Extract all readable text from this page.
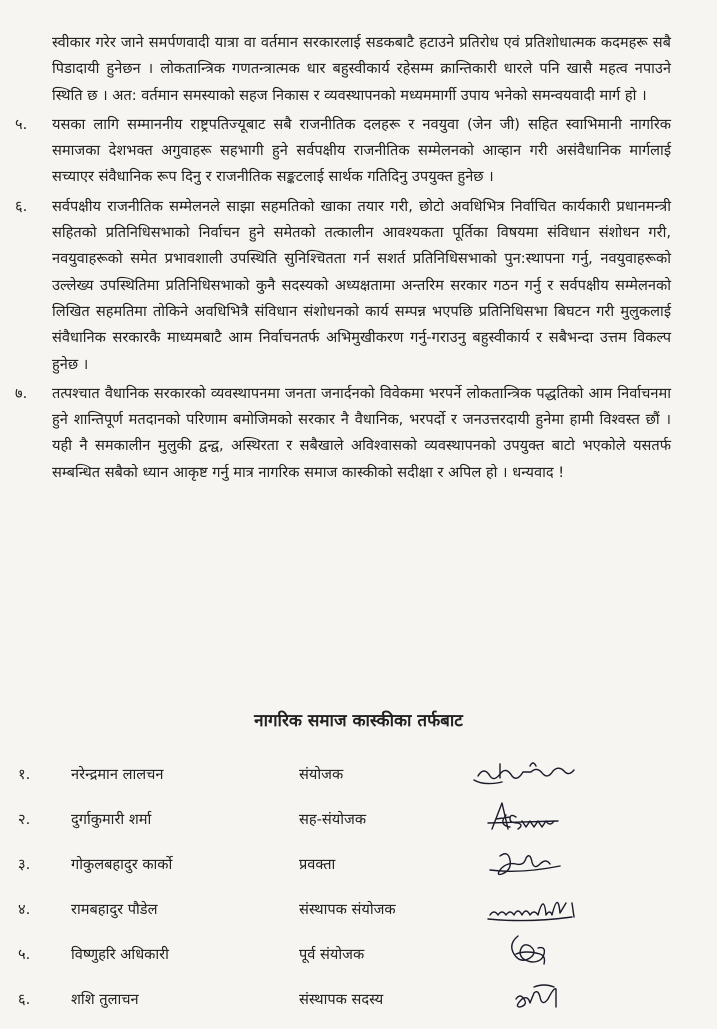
स्वीकार गरेर जाने समर्पणवादी यात्रा वा वर्तमान सरकारलाई सडकबाटै हटाउने प्रतिरोध एवं प्रतिशोधात्मक कदमहरू सबै पिडादायी हुनेछन । लोकतान्त्रिक गणतन्त्रात्मक धार बहुस्वीकार्य रहेसम्म क्रान्तिकारी धारले पनि खासै महत्व नपाउने स्थिति छ । अत: वर्तमान समस्याको सहज निकास र व्यवस्थापनको मध्यममार्गी उपाय भनेको समन्वयवादी मार्ग हो ।

५. यसका लागि सम्माननीय राष्ट्रपतिज्यूबाट सबै राजनीतिक दलहरू र नवयुवा (जेन जी) सहित स्वाभिमानी नागरिक समाजका देशभक्त अगुवाहरू सहभागी हुने सर्वपक्षीय राजनीतिक सम्मेलनको आव्हान गरी असंवैधानिक मार्गलाई सच्याएर संवैधानिक रूप दिनु र राजनीतिक सङ्कटलाई सार्थक गतिदिनु उपयुक्त हुनेछ ।
६. सर्वपक्षीय राजनीतिक सम्मेलनले साझा सहमतिको खाका तयार गरी, छोटो अवधिभित्र निर्वाचित कार्यकारी प्रधानमन्त्री सहितको प्रतिनिधिसभाको निर्वाचन हुने समेतको तत्कालीन आवश्यकता पूर्तिका विषयमा संविधान संशोधन गरी, नवयुवाहरूको समेत प्रभावशाली उपस्थिति सुनिश्चितता गर्न सशर्त प्रतिनिधिसभाको पुन:स्थापना गर्नु, नवयुवाहरूको उल्लेख्य उपस्थितिमा प्रतिनिधिसभाको कुनै सदस्यको अध्यक्षतामा अन्तरिम सरकार गठन गर्नु र सर्वपक्षीय सम्मेलनको लिखित सहमतिमा तोकिने अवधिभित्रै संविधान संशोधनको कार्य सम्पन्न भएपछि प्रतिनिधिसभा बिघटन गरी मुलुकलाई संवैधानिक सरकारकै माध्यमबाटै आम निर्वाचनतर्फ अभिमुखीकरण गर्नु-गराउनु बहुस्वीकार्य र सबैभन्दा उत्तम विकल्प हुनेछ ।
७. तत्पश्चात वैधानिक सरकारको व्यवस्थापनमा जनता जनार्दनको विवेकमा भरपर्ने लोकतान्त्रिक पद्धतिको आम निर्वाचनमा हुने शान्तिपूर्ण मतदानको परिणाम बमोजिमको सरकार नै वैधानिक, भरपर्दो र जनउत्तरदायी हुनेमा हामी विश्वस्त छौं । यही नै समकालीन मुलुकी द्वन्द्व, अस्थिरता र सबैखाले अविश्वासको व्यवस्थापनको उपयुक्त बाटो भएकोले यसतर्फ सम्बन्धित सबैको ध्यान आकृष्ट गर्नु मात्र नागरिक समाज कास्कीको सदीक्षा र अपिल हो । धन्यवाद !
नागरिक समाज कास्कीका तर्फबाट
१.	नरेन्द्रमान लालचन	संयोजक
२.	दुर्गाकुमारी शर्मा	सह-संयोजक
३.	गोकुलबहादुर कार्को	प्रवक्ता
४.	रामबहादुर पौडेल	संस्थापक संयोजक
५.	विष्णुहरि अधिकारी	पूर्व संयोजक
६.	शशि तुलाचन	संस्थापक सदस्य
